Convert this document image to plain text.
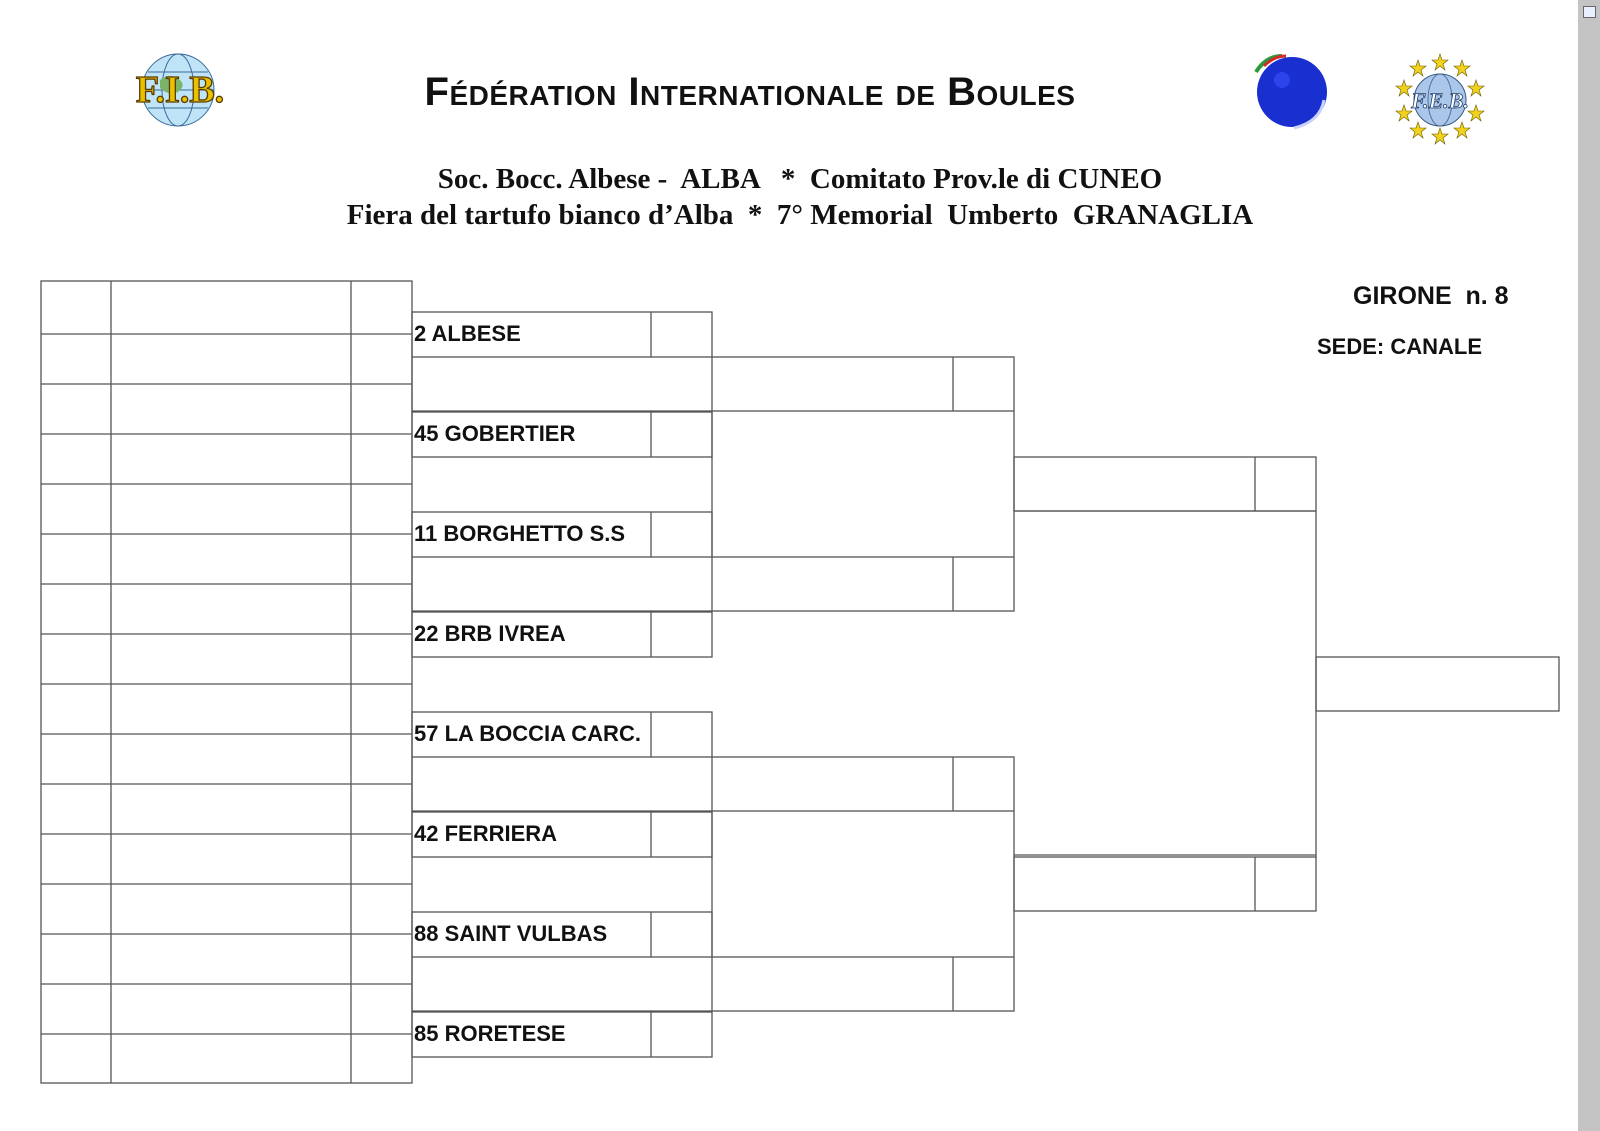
F.I.B.	Fédération Internationale de Boules	F.E.B.
Soc. Bocc. Albese -  ALBA   *  Comitato Prov.le di CUNEO
Fiera del tartufo bianco d’Alba  *  7° Memorial  Umberto  GRANAGLIA
GIRONE  n. 8
SEDE: CANALE
2 ALBESE
45 GOBERTIER
11 BORGHETTO S.S
22 BRB IVREA
57 LA BOCCIA CARC.
42 FERRIERA
88 SAINT VULBAS
85 RORETESE
